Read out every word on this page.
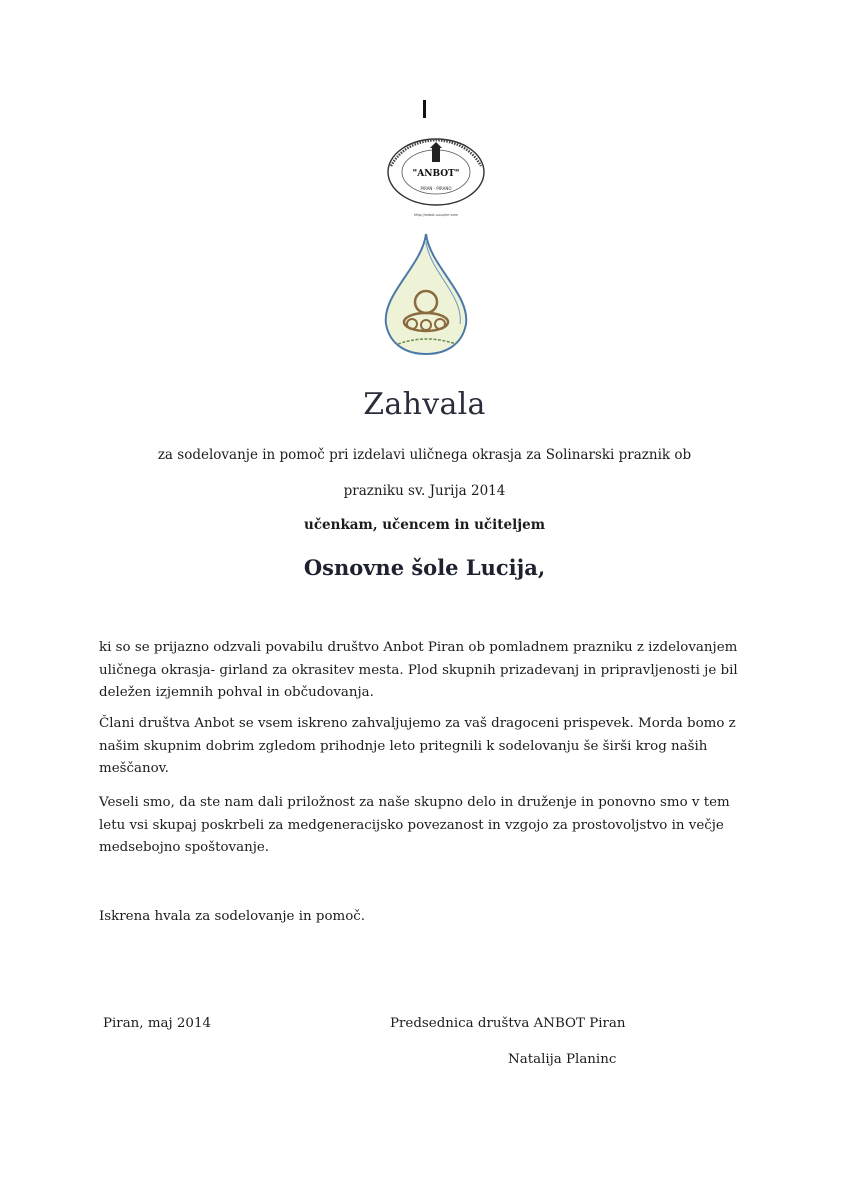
"ANBOT"
PIRAN - PIRANO
http://anbot.uuuphrr.com
Zahvala
za sodelovanje in pomoč pri izdelavi uličnega okrasja za Solinarski praznik ob
prazniku sv. Jurija 2014
učenkam, učencem in učiteljem
Osnovne šole Lucija,

ki so se prijazno odzvali povabilu društvo Anbot Piran ob pomladnem prazniku z izdelovanjem uličnega okrasja- girland za okrasitev mesta. Plod skupnih prizadevanj in pripravljenosti je bil deležen izjemnih pohval in občudovanja.

Člani društva Anbot se vsem iskreno zahvaljujemo za vaš dragoceni prispevek. Morda bomo z našim skupnim dobrim zgledom prihodnje leto pritegnili k sodelovanju še širši krog naših meščanov.

Veseli smo, da ste nam dali priložnost za naše skupno delo in druženje in ponovno smo v tem letu vsi skupaj poskrbeli za medgeneracijsko povezanost in vzgojo za prostovoljstvo in večje medsebojno spoštovanje.

Iskrena hvala za sodelovanje in pomoč.

Piran, maj 2014	Predsednica društva ANBOT Piran

Natalija Planinc
